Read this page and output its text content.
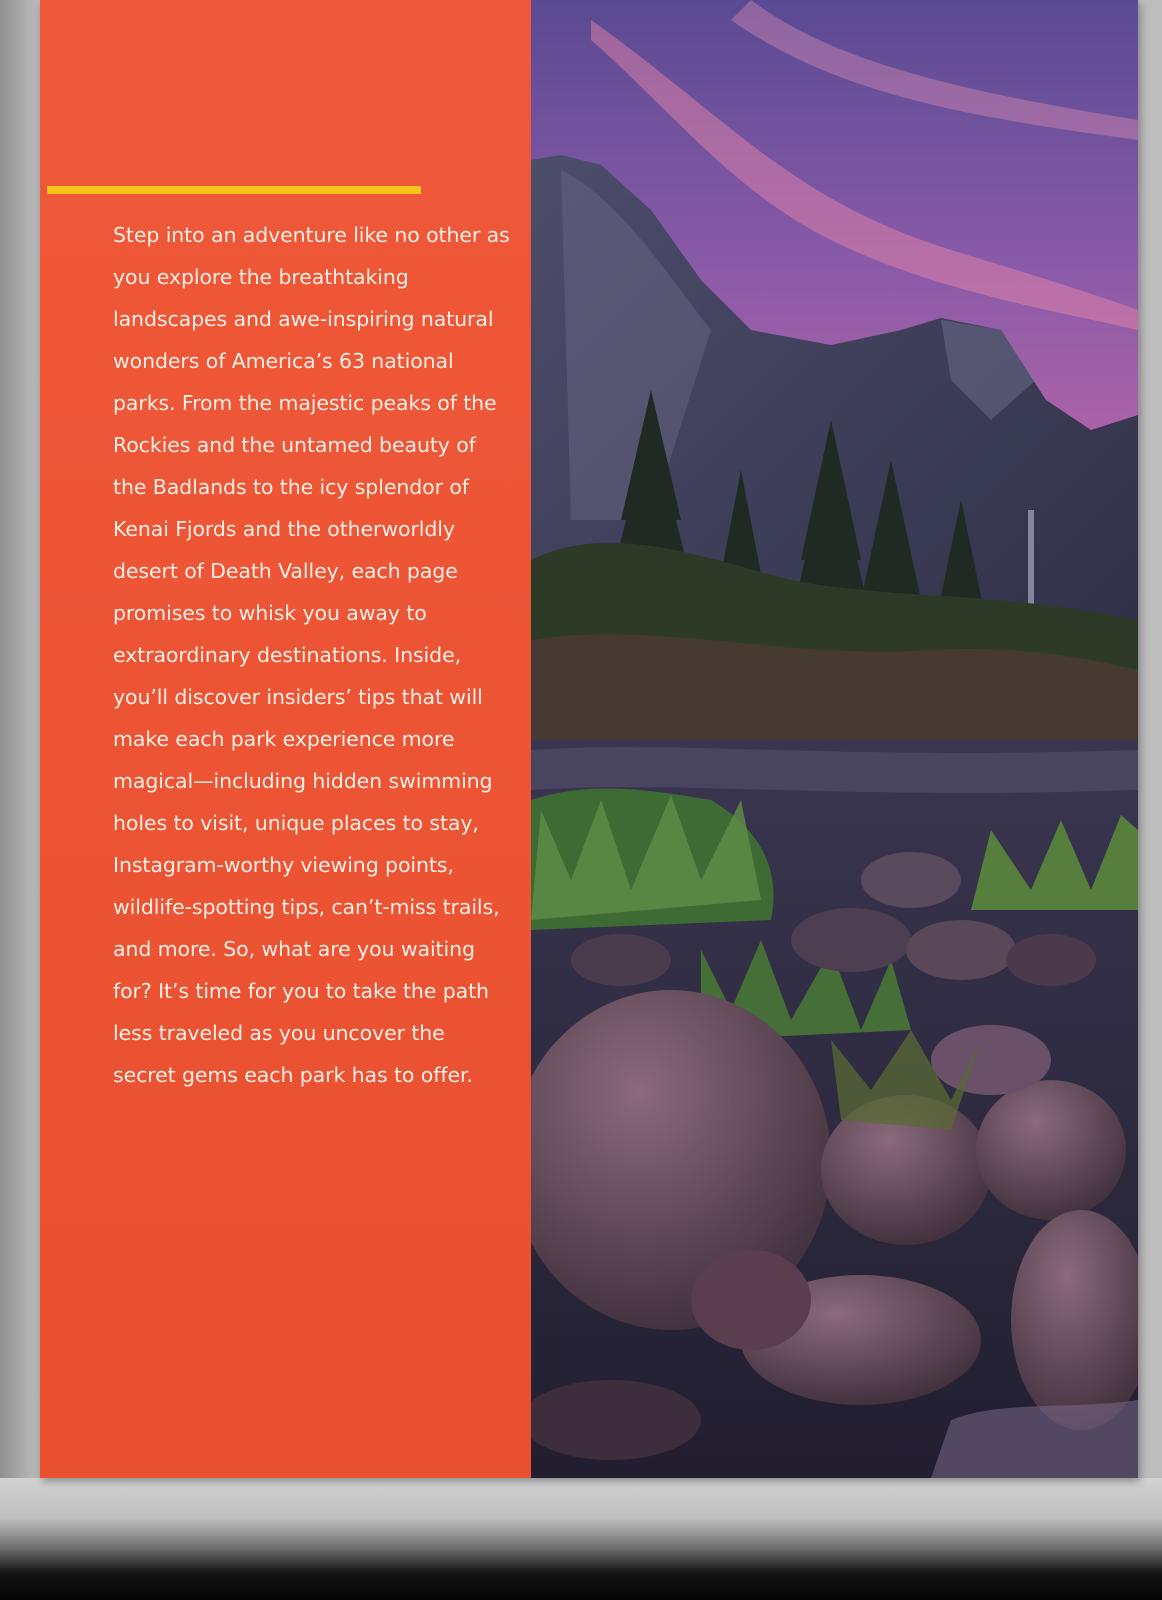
Step into an adventure like no other as you explore the breathtaking landscapes and awe-inspiring natural wonders of America’s 63 national parks. From the majestic peaks of the Rockies and the untamed beauty of the Badlands to the icy splendor of Kenai Fjords and the otherworldly desert of Death Valley, each page promises to whisk you away to extraordinary destinations. Inside, you’ll discover insiders’ tips that will make each park experience more magical—including hidden swimming holes to visit, unique places to stay, Instagram-worthy viewing points, wildlife-spotting tips, can’t-miss trails, and more. So, what are you waiting for? It’s time for you to take the path less traveled as you uncover the secret gems each park has to offer.
